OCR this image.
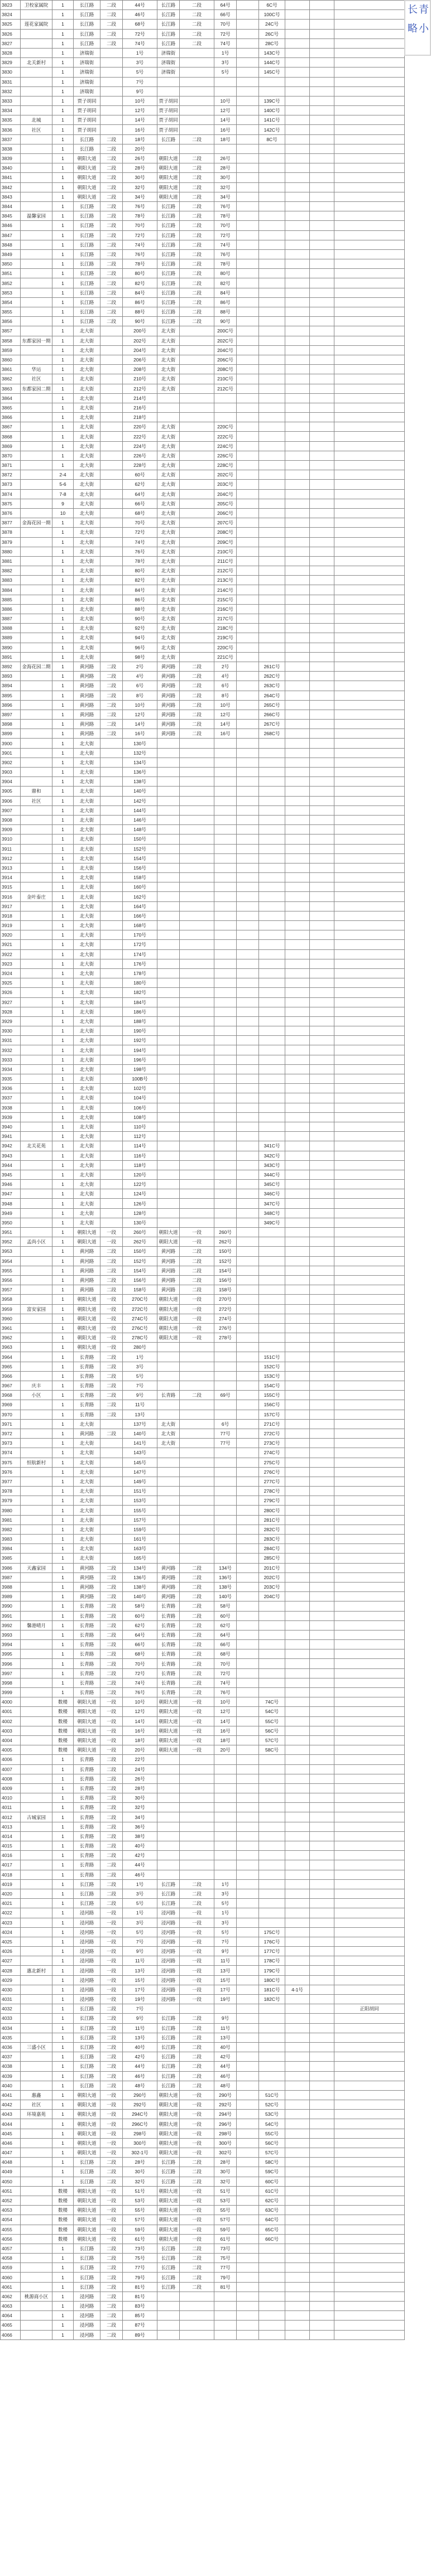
3823	卫校家属院	1	长江路	二段	44号	长江路	二段	64号		6C号			
3824		1	长江路	二段	46号	长江路	二段	66号		100C号			
3825	莲花家属院	1	长江路	二段	68号	长江路	二段	70号		24C号			
3826		1	长江路	二段	72号	长江路	二段	72号		26C号			
3827		1	长江路	二段	74号	长江路	二段	74号		28C号			
3828		1	济瑞街		1号	济瑞街		1号		143C号			
3829	北关新村	1	济瑞街		3号	济瑞街		3号		144C号			
3830		1	济瑞街		5号	济瑞街		5号		145C号			
3831		1	济瑞街		7号								
3832		1	济瑞街		9号								
3833		1	贾子胡同		10号	贾子胡同		10号		139C号			
3834		1	贾子胡同		12号	贾子胡同		12号		140C号			
3835	北城	1	贾子胡同		14号	贾子胡同		14号		141C号			
3836	社区	1	贾子胡同		16号	贾子胡同		16号		142C号			
3837		1	长江路	二段	18号	长江路	二段	18号		8C号			
3838		1	长江路	二段	20号								
3839		1	朝阳大道	二段	26号	朝阳大道	二段	26号					
3840		1	朝阳大道	二段	28号	朝阳大道	二段	28号					
3841		1	朝阳大道	二段	30号	朝阳大道	二段	30号					
3842		1	朝阳大道	二段	32号	朝阳大道	二段	32号					
3843		1	朝阳大道	二段	34号	朝阳大道	二段	34号					
3844		1	长江路	二段	76号	长江路	二段	76号					
3845	温馨家园	1	长江路	二段	78号	长江路	二段	78号					
3846		1	长江路	二段	70号	长江路	二段	70号					
3847		1	长江路	二段	72号	长江路	二段	72号					
3848		1	长江路	二段	74号	长江路	二段	74号					
3849		1	长江路	二段	76号	长江路	二段	76号					
3850		1	长江路	二段	78号	长江路	二段	78号					
3851		1	长江路	二段	80号	长江路	二段	80号					
3852		1	长江路	二段	82号	长江路	二段	82号					
3853		1	长江路	二段	84号	长江路	二段	84号					
3854		1	长江路	二段	86号	长江路	二段	86号					
3855		1	长江路	二段	88号	长江路	二段	88号					
3856		1	长江路	二段	90号	长江路	二段	90号					
3857		1	北大街		200号	北大街		200C号					
3858	东都家园一期	1	北大街		202号	北大街		202C号					
3859		1	北大街		204号	北大街		204C号					
3860		1	北大街		206号	北大街		206C号					
3861	华运	1	北大街		208号	北大街		208C号					
3862	社区	1	北大街		210号	北大街		210C号					
3863	东都家园二期	1	北大街		212号	北大街		212C号					
3864		1	北大街		214号								
3865		1	北大街		216号								
3866		1	北大街		218号								
3867		1	北大街		220号	北大街		220C号					
3868		1	北大街		222号	北大街		222C号					
3869		1	北大街		224号	北大街		224C号					
3870		1	北大街		226号	北大街		226C号					
3871		1	北大街		228号	北大街		228C号					
3872		2-4	北大街		60号	北大街		202C号					
3873		5-6	北大街		62号	北大街		203C号					
3874		7-8	北大街		64号	北大街		204C号					
3875		9	北大街		66号	北大街		205C号					
3876		10	北大街		68号	北大街		206C号					
3877	金海花园一期	1	北大街		70号	北大街		207C号					
3878		1	北大街		72号	北大街		208C号					
3879		1	北大街		74号	北大街		209C号					
3880		1	北大街		76号	北大街		210C号					
3881		1	北大街		78号	北大街		211C号					
3882		1	北大街		80号	北大街		212C号					
3883		1	北大街		82号	北大街		213C号					
3884		1	北大街		84号	北大街		214C号					
3885		1	北大街		86号	北大街		215C号					
3886		1	北大街		88号	北大街		216C号					
3887		1	北大街		90号	北大街		217C号					
3888		1	北大街		92号	北大街		218C号					
3889		1	北大街		94号	北大街		219C号					
3890		1	北大街		96号	北大街		220C号					
3891		1	北大街		98号	北大街		221C号					
3892	金海花园二期	1	黄河路	二段	2号	黄河路	二段	2号		261C号			
3893		1	黄河路	二段	4号	黄河路	二段	4号		262C号			
3894		1	黄河路	二段	6号	黄河路	二段	6号		263C号			
3895		1	黄河路	二段	8号	黄河路	二段	8号		264C号			
3896		1	黄河路	二段	10号	黄河路	二段	10号		265C号			
3897		1	黄河路	二段	12号	黄河路	二段	12号		266C号			
3898		1	黄河路	二段	14号	黄河路	二段	14号		267C号			
3899		1	黄河路	二段	16号	黄河路	二段	16号		268C号			
3900		1	北大街		130号								
3901		1	北大街		132号								
3902		1	北大街		134号								
3903		1	北大街		136号								
3904		1	北大街		138号								
3905	鼎和	1	北大街		140号								
3906	社区	1	北大街		142号								
3907		1	北大街		144号								
3908		1	北大街		146号								
3909		1	北大街		148号								
3910		1	北大街		150号								
3911		1	北大街		152号								
3912		1	北大街		154号								
3913		1	北大街		156号								
3914		1	北大街		158号								
3915		1	北大街		160号								
3916	金叶泰庄	1	北大街		162号								
3917		1	北大街		164号								
3918		1	北大街		166号								
3919		1	北大街		168号								
3920		1	北大街		170号								
3921		1	北大街		172号								
3922		1	北大街		174号								
3923		1	北大街		176号								
3924		1	北大街		178号								
3925		1	北大街		180号								
3926		1	北大街		182号								
3927		1	北大街		184号								
3928		1	北大街		186号								
3929		1	北大街		188号								
3930		1	北大街		190号								
3931		1	北大街		192号								
3932		1	北大街		194号								
3933		1	北大街		196号								
3934		1	北大街		198号								
3935		1	北大街		100B号								
3936		1	北大街		102号								
3937		1	北大街		104号								
3938		1	北大街		106号								
3939		1	北大街		108号								
3940		1	北大街		110号								
3941		1	北大街		112号								
3942	北关花苑	1	北大街		114号					341C号			
3943		1	北大街		116号					342C号			
3944		1	北大街		118号					343C号			
3945		1	北大街		120号					344C号			
3946		1	北大街		122号					345C号			
3947		1	北大街		124号					346C号			
3948		1	北大街		126号					347C号			
3949		1	北大街		128号					348C号			
3950		1	北大街		130号					349C号			
3951		1	朝阳大道	一段	260号	朝阳大道	一段	260号					
3952	孟尚小区	1	朝阳大道	一段	262号	朝阳大道	一段	262号					
3953		1	黄河路	二段	150号	黄河路	二段	150号					
3954		1	黄河路	二段	152号	黄河路	二段	152号					
3955		1	黄河路	二段	154号	黄河路	二段	154号					
3956		1	黄河路	二段	156号	黄河路	二段	156号					
3957		1	黄河路	二段	158号	黄河路	二段	158号					
3958		1	朝阳大道	一段	270C号	朝阳大道	一段	270号					
3959	富安家园	1	朝阳大道	一段	272C号	朝阳大道	一段	272号					
3960		1	朝阳大道	一段	274C号	朝阳大道	一段	274号					
3961		1	朝阳大道	一段	276C号	朝阳大道	一段	276号					
3962		1	朝阳大道	一段	278C号	朝阳大道	一段	278号					
3963		1	朝阳大道	一段	280号								
3964		1	长青路	二段	1号					151C号			
3965		1	长青路	二段	3号					152C号			
3966		1	长青路	二段	5号					153C号			
3967	庆丰	1	长青路	二段	7号					154C号			
3968	小区	1	长青路	二段	9号	长青路	二段	69号		155C号			
3969		1	长青路	二段	11号					156C号			
3970		1	长青路	二段	13号					157C号			
3971		1	北大街		137号	北大街		6号		271C号			
3972		1	黄河路	二段	140号	北大街		77号		272C号			
3973		1	北大街		141号	北大街		77号		273C号			
3974		1	北大街		143号					274C号			
3975	恒航新村	1	北大街		145号					275C号			
3976		1	北大街		147号					276C号			
3977		1	北大街		149号					277C号			
3978		1	北大街		151号					278C号			
3979		1	北大街		153号					279C号			
3980		1	北大街		155号					280C号			
3981		1	北大街		157号					281C号			
3982		1	北大街		159号					282C号			
3983		1	北大街		161号					283C号			
3984		1	北大街		163号					284C号			
3985		1	北大街		165号					285C号			
3986	天鑫家园	1	黄河路	二段	134号	黄河路	二段	134号		201C号			
3987		1	黄河路	二段	136号	黄河路	二段	136号		202C号			
3988		1	黄河路	二段	138号	黄河路	二段	138号		203C号			
3989		1	黄河路	二段	140号	黄河路	二段	140号		204C号			
3990		1	长青路	二段	58号	长青路	二段	58号					
3991		1	长青路	二段	60号	长青路	二段	60号					
3992	馨港晴月	1	长青路	二段	62号	长青路	二段	62号					
3993		1	长青路	二段	64号	长青路	二段	64号					
3994		1	长青路	二段	66号	长青路	二段	66号					
3995		1	长青路	二段	68号	长青路	二段	68号					
3996		1	长青路	二段	70号	长青路	二段	70号					
3997		1	长青路	二段	72号	长青路	二段	72号					
3998		1	长青路	二段	74号	长青路	二段	74号					
3999		1	长青路	二段	76号	长青路	二段	76号					
4000		数楼	朝阳大道	一段	10号	朝阳大道	一段	10号		74C号			
4001		数楼	朝阳大道	一段	12号	朝阳大道	一段	12号		54C号			
4002		数楼	朝阳大道	一段	14号	朝阳大道	一段	14号		55C号			
4003		数楼	朝阳大道	一段	16号	朝阳大道	一段	16号		56C号			
4004		数楼	朝阳大道	一段	18号	朝阳大道	一段	18号		57C号			
4005		数楼	朝阳大道	一段	20号	朝阳大道	一段	20号		58C号			
4006		1	长青路	二段	22号								
4007		1	长青路	二段	24号								
4008		1	长青路	二段	26号								
4009		1	长青路	二段	28号								
4010		1	长青路	二段	30号								
4011		1	长青路	二段	32号								
4012	古城家园	1	长青路	二段	34号								
4013		1	长青路	二段	36号								
4014		1	长青路	二段	38号								
4015		1	长青路	二段	40号								
4016		1	长青路	二段	42号								
4017		1	长青路	二段	44号								
4018		1	长青路	二段	46号								
4019		1	长江路	二段	1号	长江路	二段	1号					
4020		1	长江路	二段	3号	长江路	二段	3号					
4021		1	长江路	二段	5号	长江路	二段	5号					
4022		1	浸河路	一段	1号	浸河路	一段	1号					
4023		1	浸河路	一段	3号	浸河路	一段	3号					
4024		1	浸河路	一段	5号	浸河路	一段	5号		175C号			
4025		1	浸河路	一段	7号	浸河路	一段	7号		176C号			
4026		1	浸河路	一段	9号	浸河路	一段	9号		177C号			
4027		1	浸河路	一段	11号	浸河路	一段	11号		178C号			
4028	惠北新村	1	浸河路	一段	13号	浸河路	一段	13号		179C号			
4029		1	浸河路	一段	15号	浸河路	一段	15号		180C号			
4030		1	浸河路	一段	17号	浸河路	一段	17号		181C号	4-1号		
4031		1	浸河路	一段	19号	浸河路	一段	19号		182C号			
4032		1	长江路	二段	7号								正阳胡同
4033		1	长江路	二段	9号	长江路	二段	9号					
4034		1	长江路	二段	11号	长江路	二段	11号					
4035		1	长江路	二段	13号	长江路	二段	13号					
4036	三盛小区	1	长江路	二段	40号	长江路	二段	40号					
4037		1	长江路	二段	42号	长江路	二段	42号					
4038		1	长江路	二段	44号	长江路	二段	44号					
4039		1	长江路	二段	46号	长江路	二段	46号					
4040		1	长江路	二段	48号	长江路	二段	48号					
4041	惠鑫	1	朝阳大道	一段	290号	朝阳大道	一段	290号		51C号			
4042	社区	1	朝阳大道	一段	292号	朝阳大道	一段	292号		52C号			
4043	环境嘉苑	1	朝阳大道	一段	294C号	朝阳大道	一段	294号		53C号			
4044		1	朝阳大道	一段	296C号	朝阳大道	一段	296号		54C号			
4045		1	朝阳大道	一段	298号	朝阳大道	一段	298号		55C号			
4046		1	朝阳大道	一段	300号	朝阳大道	一段	300号		56C号			
4047		1	朝阳大道	一段	302-1号	朝阳大道	一段	302号		57C号			
4048		1	长江路	二段	28号	长江路	二段	28号		58C号			
4049		1	长江路	二段	30号	长江路	二段	30号		59C号			
4050		1	长江路	二段	32号	长江路	二段	32号		60C号			
4051		数楼	朝阳大道	一段	51号	朝阳大道	一段	51号		61C号			
4052		数楼	朝阳大道	一段	53号	朝阳大道	一段	53号		62C号			
4053		数楼	朝阳大道	一段	55号	朝阳大道	一段	55号		63C号			
4054		数楼	朝阳大道	一段	57号	朝阳大道	一段	57号		64C号			
4055		数楼	朝阳大道	一段	59号	朝阳大道	一段	59号		65C号			
4056		数楼	朝阳大道	一段	61号	朝阳大道	一段	61号		66C号			
4057		1	长江路	二段	73号	长江路	二段	73号					
4058		1	长江路	二段	75号	长江路	二段	75号					
4059		1	长江路	二段	77号	长江路	二段	77号					
4060		1	长江路	二段	79号	长江路	二段	79号					
4061		1	长江路	二段	81号	长江路	二段	81号					
4062	桃源商小区	1	浸河路	二段	81号								
4063		1	浸河路	二段	83号								
4064		1	浸河路	二段	85号								
4065		1	浸河路	二段	87号								
4066		1	浸河路	二段	89号								
长 青
略 小
